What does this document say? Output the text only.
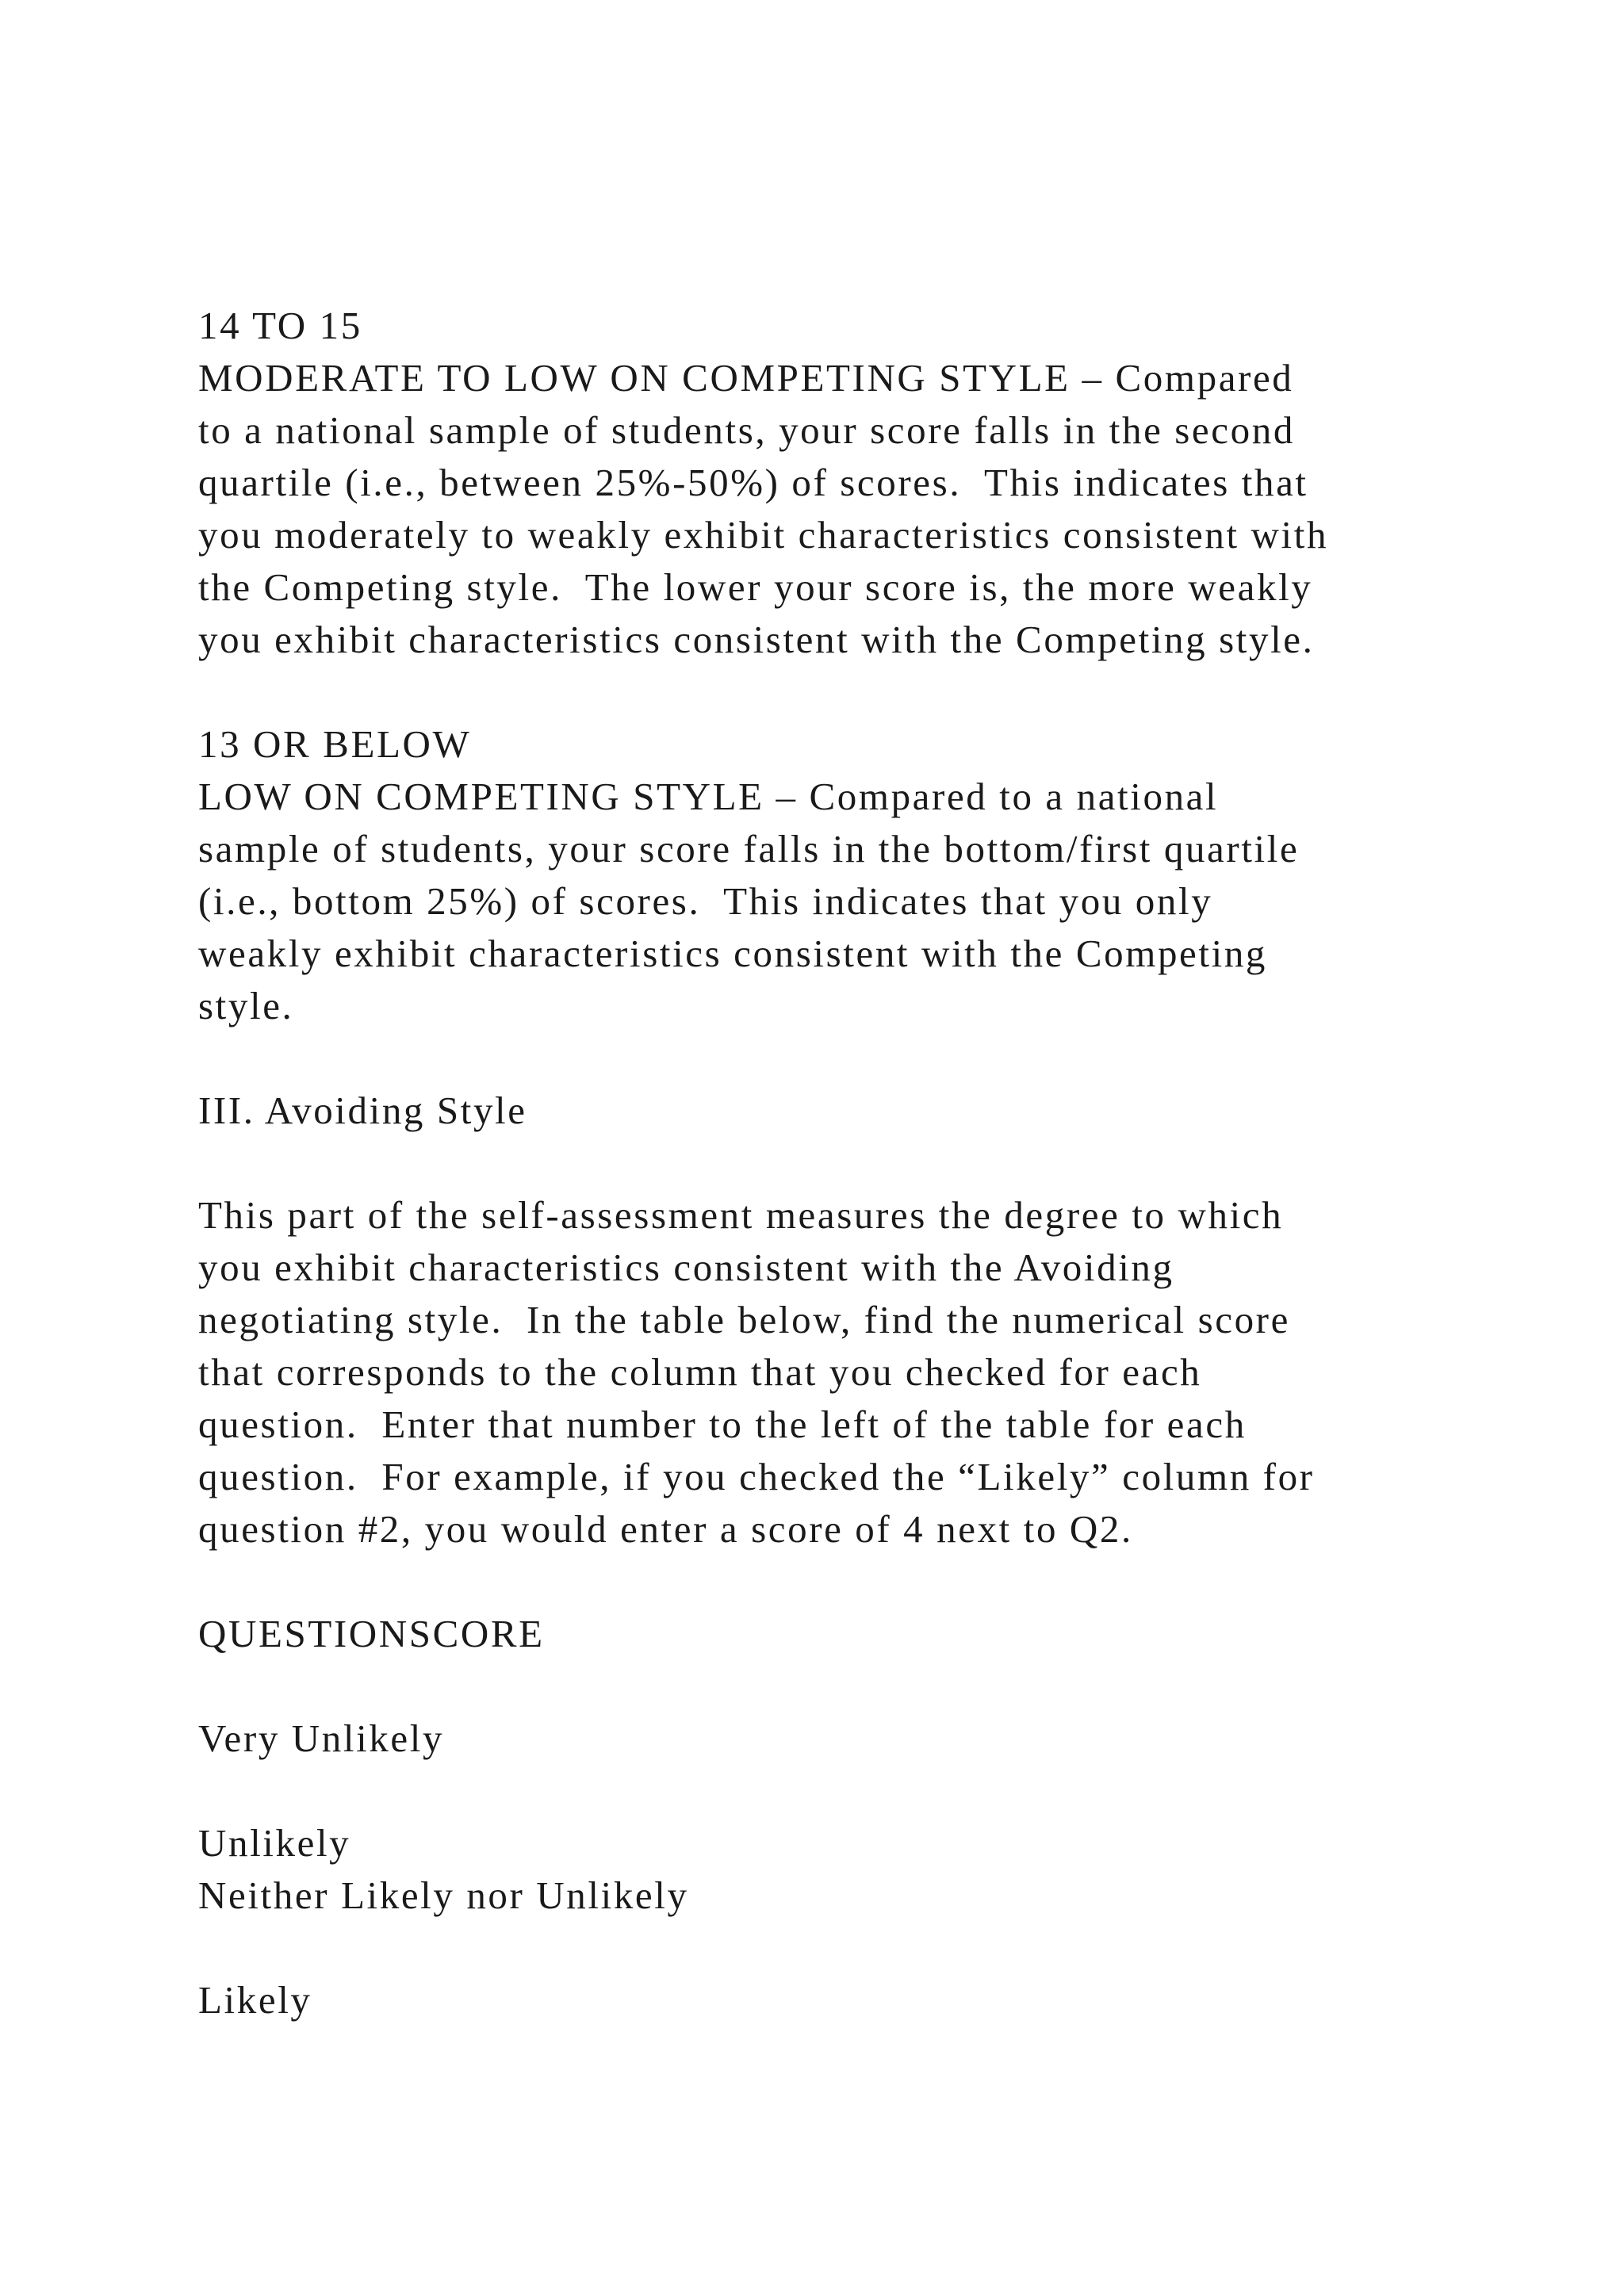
14 TO 15
MODERATE TO LOW ON COMPETING STYLE – Compared
to a national sample of students, your score falls in the second
quartile (i.e., between 25%-50%) of scores.  This indicates that
you moderately to weakly exhibit characteristics consistent with
the Competing style.  The lower your score is, the more weakly
you exhibit characteristics consistent with the Competing style.
13 OR BELOW
LOW ON COMPETING STYLE – Compared to a national
sample of students, your score falls in the bottom/first quartile
(i.e., bottom 25%) of scores.  This indicates that you only
weakly exhibit characteristics consistent with the Competing
style.
III. Avoiding Style
This part of the self-assessment measures the degree to which
you exhibit characteristics consistent with the Avoiding
negotiating style.  In the table below, find the numerical score
that corresponds to the column that you checked for each
question.  Enter that number to the left of the table for each
question.  For example, if you checked the “Likely” column for
question #2, you would enter a score of 4 next to Q2.
QUESTIONSCORE
Very Unlikely
Unlikely
Neither Likely nor Unlikely
Likely
